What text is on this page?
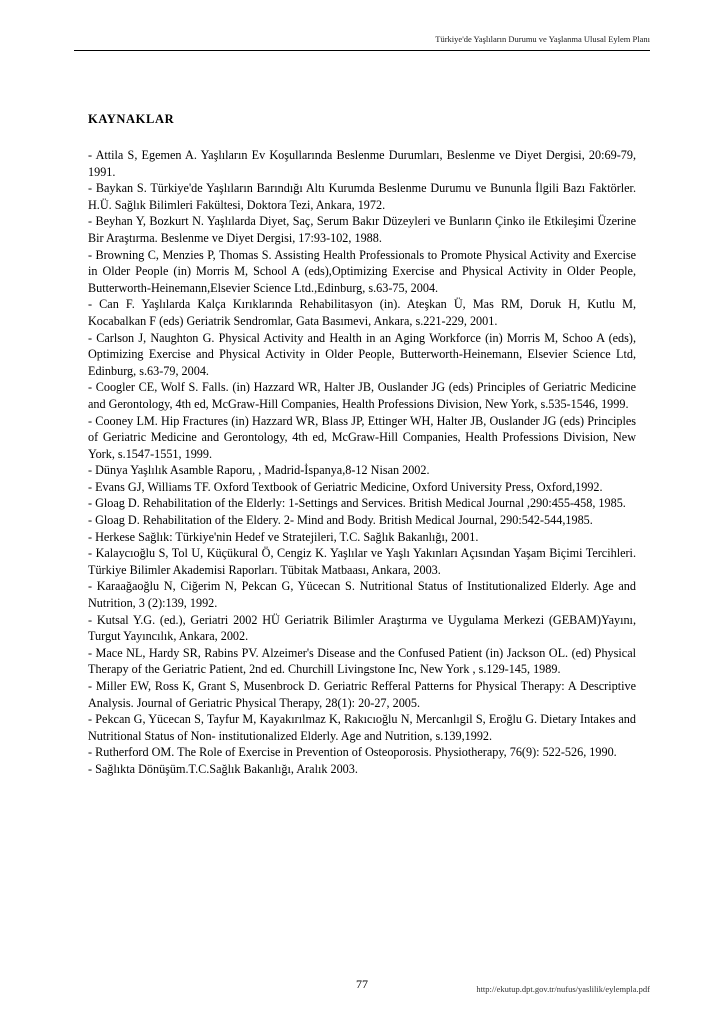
Türkiye'de Yaşlıların Durumu ve Yaşlanma Ulusal Eylem Planı
KAYNAKLAR

- Attila S, Egemen A. Yaşlıların Ev Koşullarında Beslenme Durumları, Beslenme ve Diyet Dergisi, 20:69-79, 1991.

- Baykan S. Türkiye'de Yaşlıların Barındığı Altı Kurumda Beslenme Durumu ve Bununla İlgili Bazı Faktörler. H.Ü. Sağlık Bilimleri Fakültesi, Doktora Tezi, Ankara, 1972.

- Beyhan Y, Bozkurt N. Yaşlılarda Diyet, Saç, Serum Bakır Düzeyleri ve Bunların Çinko ile Etkileşimi Üzerine Bir Araştırma. Beslenme ve Diyet Dergisi, 17:93-102, 1988.

- Browning C, Menzies P, Thomas S. Assisting Health Professionals to Promote Physical Activity and Exercise in Older People (in) Morris M, School A (eds),Optimizing Exercise and Physical Activity in Older People, Butterworth-Heinemann,Elsevier Science Ltd.,Edinburg, s.63-75, 2004.

- Can F. Yaşlılarda Kalça Kırıklarında Rehabilitasyon (in). Ateşkan Ü, Mas RM, Doruk H, Kutlu M, Kocabalkan F (eds) Geriatrik Sendromlar, Gata Basımevi, Ankara, s.221-229, 2001.

- Carlson J, Naughton G. Physical Activity and Health in an Aging Workforce (in) Morris M, Schoo A (eds), Optimizing Exercise and Physical Activity in Older People, Butterworth-Heinemann, Elsevier Science Ltd, Edinburg, s.63-79, 2004.

- Coogler CE, Wolf S. Falls. (in) Hazzard WR, Halter JB, Ouslander JG (eds) Principles of Geriatric Medicine and Gerontology, 4th ed, McGraw-Hill Companies, Health Professions Division, New York, s.535-1546, 1999.

- Cooney LM. Hip Fractures (in) Hazzard WR, Blass JP, Ettinger WH, Halter JB, Ouslander JG (eds) Principles of Geriatric Medicine and Gerontology, 4th ed, McGraw-Hill Companies, Health Professions Division, New York, s.1547-1551, 1999.

- Dünya Yaşlılık Asamble Raporu, , Madrid-İspanya,8-12 Nisan 2002.

- Evans GJ, Williams TF. Oxford Textbook of Geriatric Medicine, Oxford University Press, Oxford,1992.

- Gloag D. Rehabilitation of the Elderly: 1-Settings and Services. British Medical Journal ,290:455-458, 1985.

- Gloag D. Rehabilitation of the Eldery. 2- Mind and Body. British Medical Journal, 290:542-544,1985.

- Herkese Sağlık: Türkiye'nin Hedef ve Stratejileri, T.C. Sağlık Bakanlığı, 2001.

- Kalaycıoğlu S, Tol U, Küçükural Ö, Cengiz K. Yaşlılar ve Yaşlı Yakınları Açısından Yaşam Biçimi Tercihleri. Türkiye Bilimler Akademisi Raporları. Tübitak Matbaası, Ankara, 2003.

- Karaağaoğlu N, Ciğerim N, Pekcan G, Yücecan S. Nutritional Status of Institutionalized Elderly. Age and Nutrition, 3 (2):139, 1992.

- Kutsal Y.G. (ed.), Geriatri 2002 HÜ Geriatrik Bilimler Araştırma ve Uygulama Merkezi (GEBAM)Yayını, Turgut Yayıncılık, Ankara, 2002.

- Mace NL, Hardy SR, Rabins PV. Alzeimer's Disease and the Confused Patient (in) Jackson OL. (ed) Physical Therapy of the Geriatric Patient, 2nd ed. Churchill Livingstone Inc, New York , s.129-145, 1989.

- Miller EW, Ross K, Grant S, Musenbrock D. Geriatric Refferal Patterns for Physical Therapy: A Descriptive Analysis. Journal of Geriatric Physical Therapy, 28(1): 20-27, 2005.

- Pekcan G, Yücecan S, Tayfur M, Kayakırılmaz K, Rakıcıoğlu N, Mercanlıgil S, Eroğlu G. Dietary Intakes and Nutritional Status of Non- institutionalized Elderly. Age and Nutrition, s.139,1992.

- Rutherford OM. The Role of Exercise in Prevention of Osteoporosis. Physiotherapy, 76(9): 522-526, 1990.

- Sağlıkta Dönüşüm.T.C.Sağlık Bakanlığı, Aralık 2003.

77	http://ekutup.dpt.gov.tr/nufus/yaslilik/eylempla.pdf
